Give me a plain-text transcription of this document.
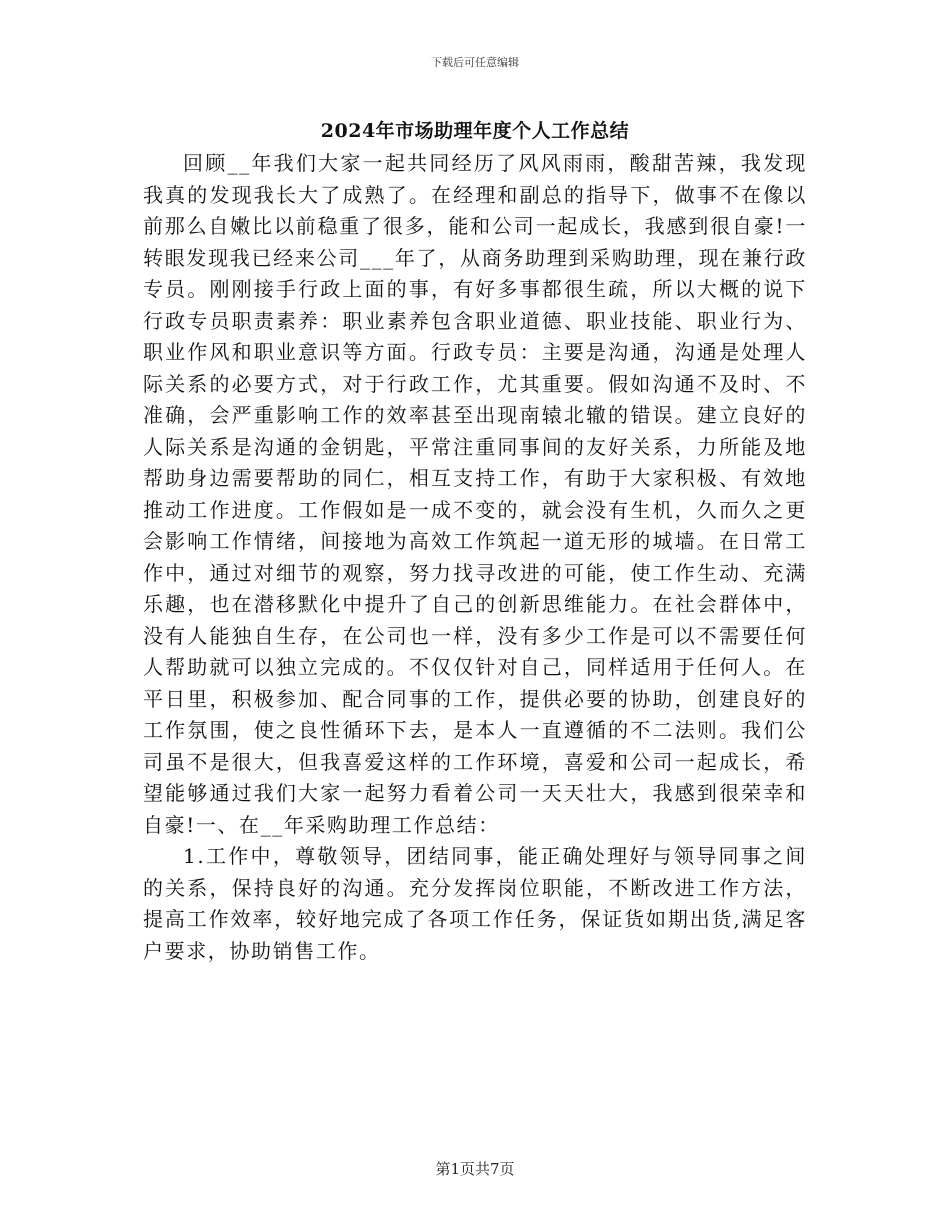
下载后可任意编辑
2024年市场助理年度个人工作总结

回顾__年我们大家一起共同经历了风风雨雨，酸甜苦辣，我发现我真的发现我长大了成熟了。在经理和副总的指导下，做事不在像以前那么自嫩比以前稳重了很多，能和公司一起成长，我感到很自豪!一转眼发现我已经来公司___年了，从商务助理到采购助理，现在兼行政专员。刚刚接手行政上面的事，有好多事都很生疏，所以大概的说下行政专员职责素养：职业素养包含职业道德、职业技能、职业行为、职业作风和职业意识等方面。行政专员：主要是沟通，沟通是处理人际关系的必要方式，对于行政工作，尤其重要。假如沟通不及时、不准确，会严重影响工作的效率甚至出现南辕北辙的错误。建立良好的人际关系是沟通的金钥匙，平常注重同事间的友好关系，力所能及地帮助身边需要帮助的同仁，相互支持工作，有助于大家积极、有效地推动工作进度。工作假如是一成不变的，就会没有生机，久而久之更会影响工作情绪，间接地为高效工作筑起一道无形的城墙。在日常工作中，通过对细节的观察，努力找寻改进的可能，使工作生动、充满乐趣，也在潜移默化中提升了自己的创新思维能力。在社会群体中，没有人能独自生存，在公司也一样，没有多少工作是可以不需要任何人帮助就可以独立完成的。不仅仅针对自己，同样适用于任何人。在平日里，积极参加、配合同事的工作，提供必要的协助，创建良好的工作氛围，使之良性循环下去，是本人一直遵循的不二法则。我们公司虽不是很大，但我喜爱这样的工作环境，喜爱和公司一起成长，希望能够通过我们大家一起努力看着公司一天天壮大，我感到很荣幸和自豪!一、在__年采购助理工作总结：

1.工作中，尊敬领导，团结同事，能正确处理好与领导同事之间的关系，保持良好的沟通。充分发挥岗位职能，不断改进工作方法，提高工作效率，较好地完成了各项工作任务，保证货如期出货,满足客户要求，协助销售工作。

第1页共7页
